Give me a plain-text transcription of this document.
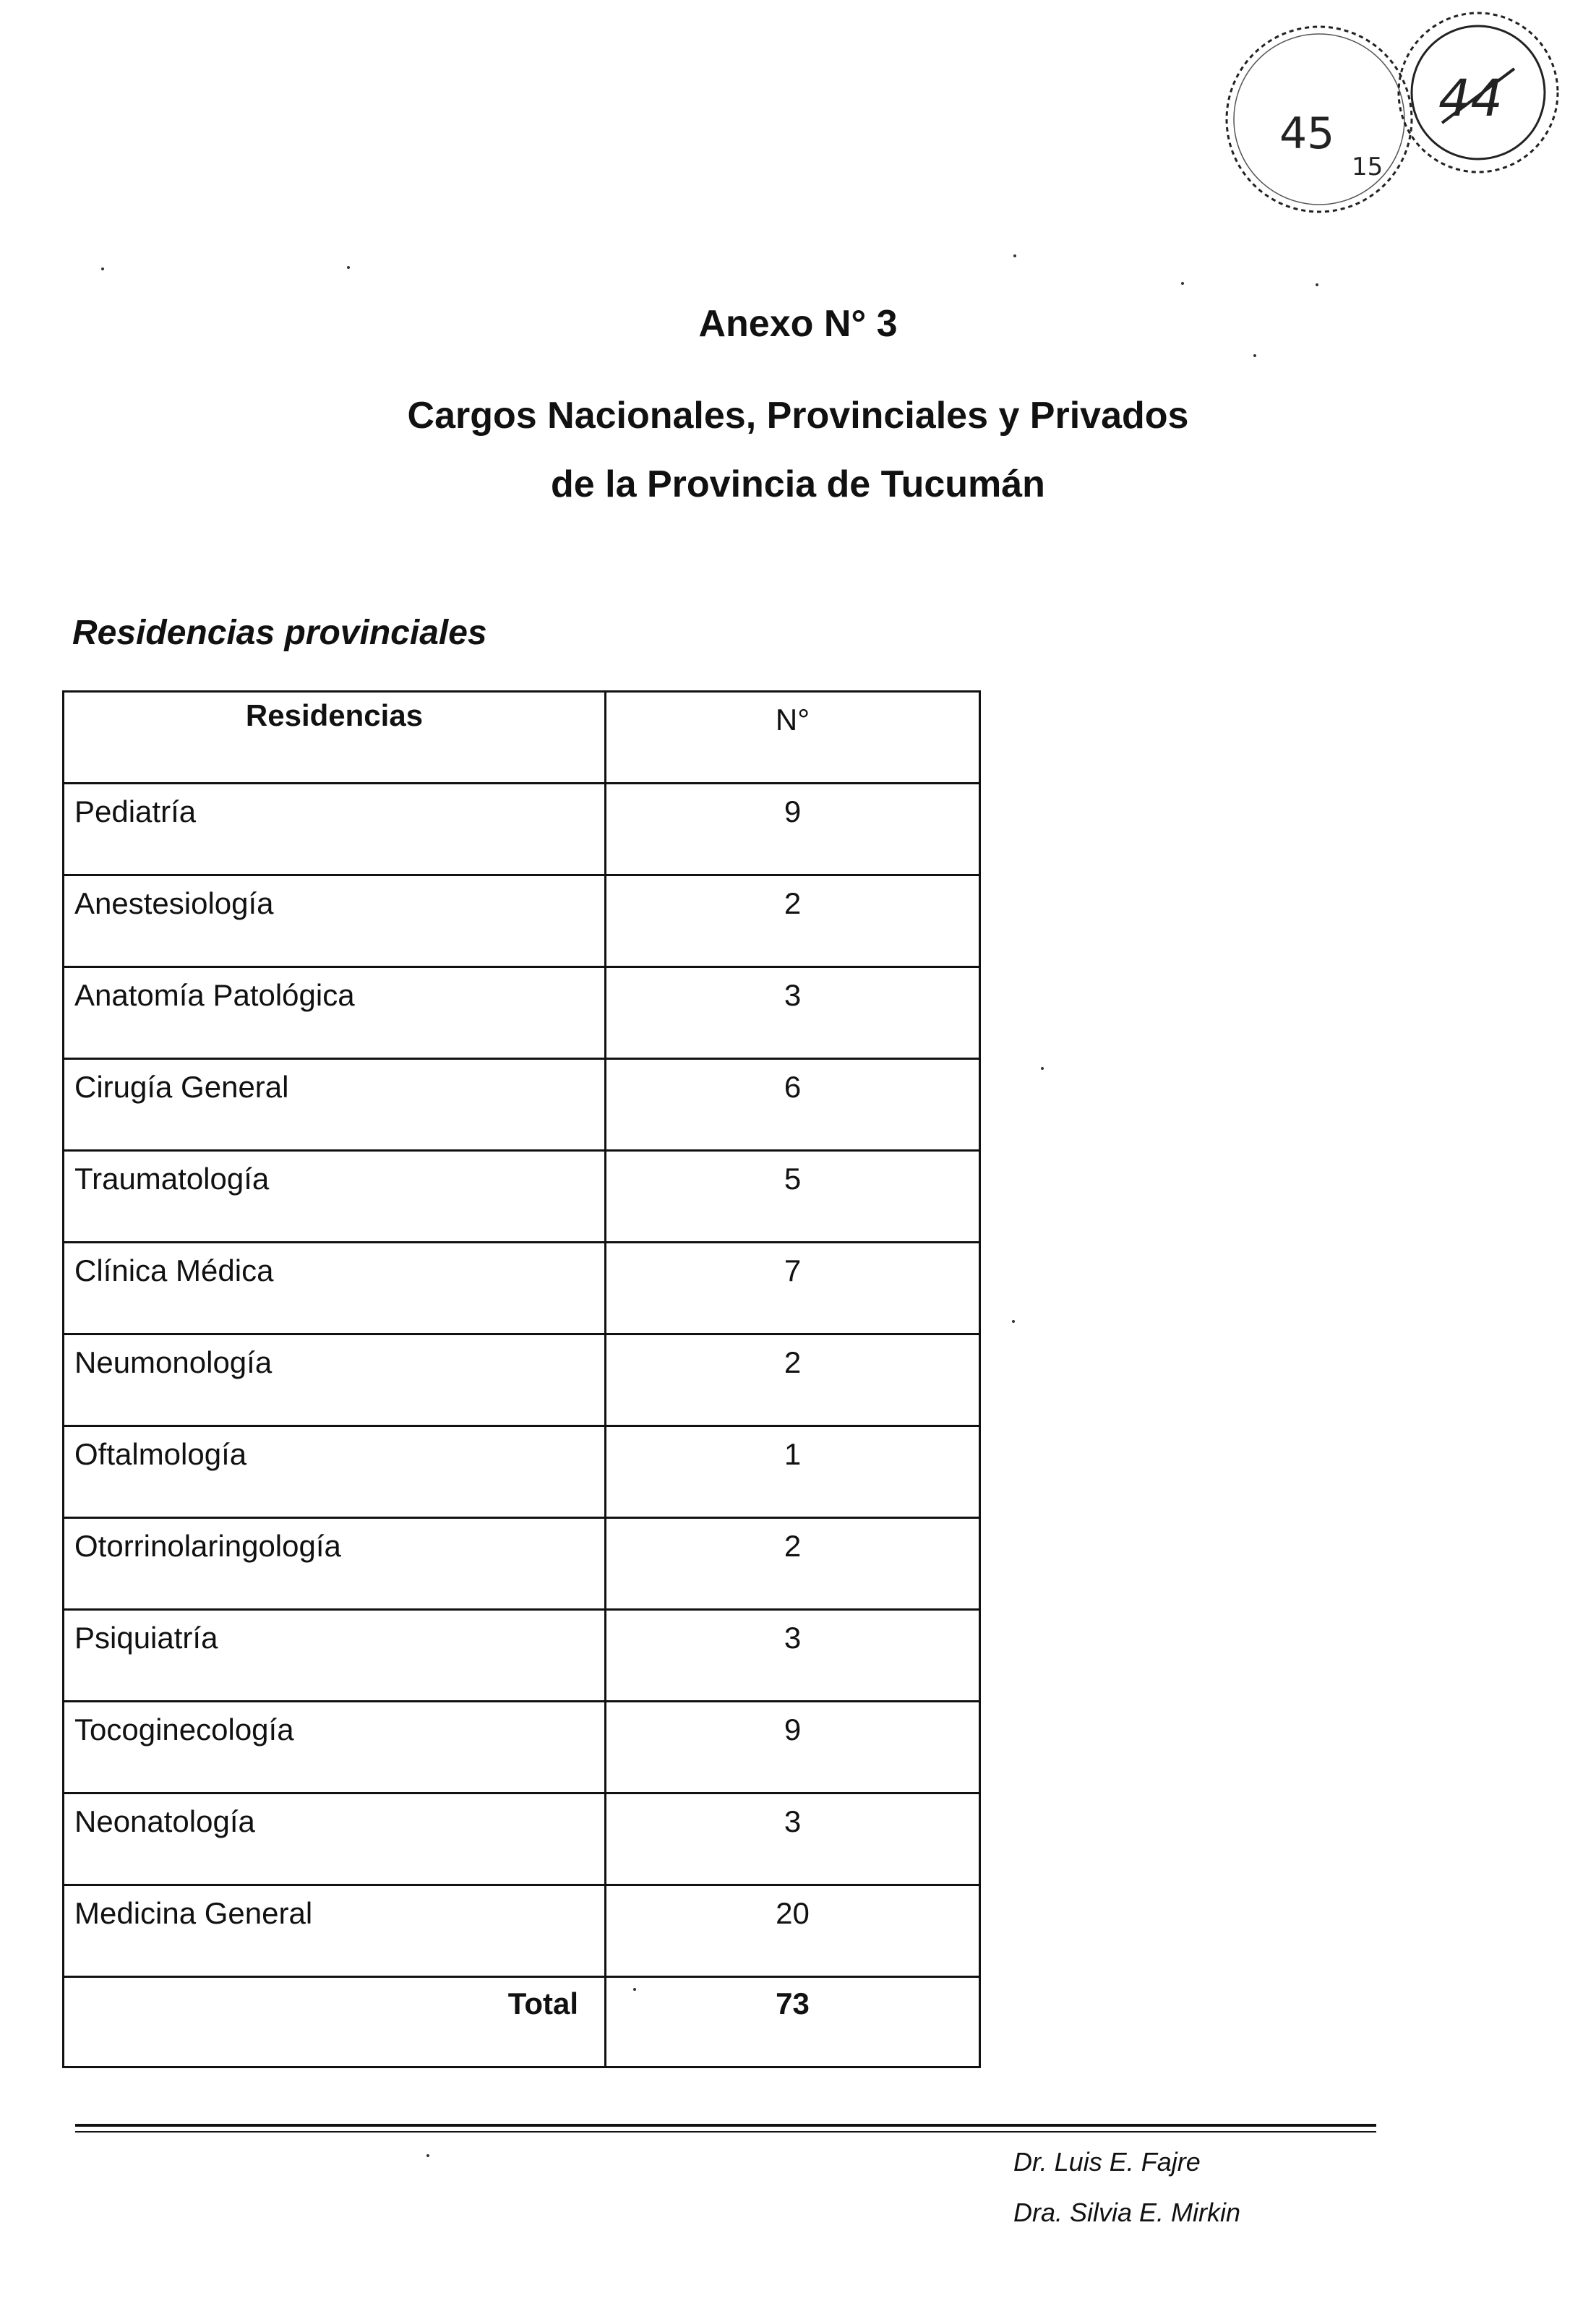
45
15
44
Anexo N° 3
Cargos Nacionales, Provinciales y Privados
de la Provincia de Tucumán
Residencias provinciales
Residencias	N°
Pediatría	9
Anestesiología	2
Anatomía Patológica	3
Cirugía General	6
Traumatología	5
Clínica Médica	7
Neumonología	2
Oftalmología	1
Otorrinolaringología	2
Psiquiatría	3
Tocoginecología	9
Neonatología	3
Medicina General	20
Total	73
Dr. Luis E. Fajre
Dra. Silvia E. Mirkin
